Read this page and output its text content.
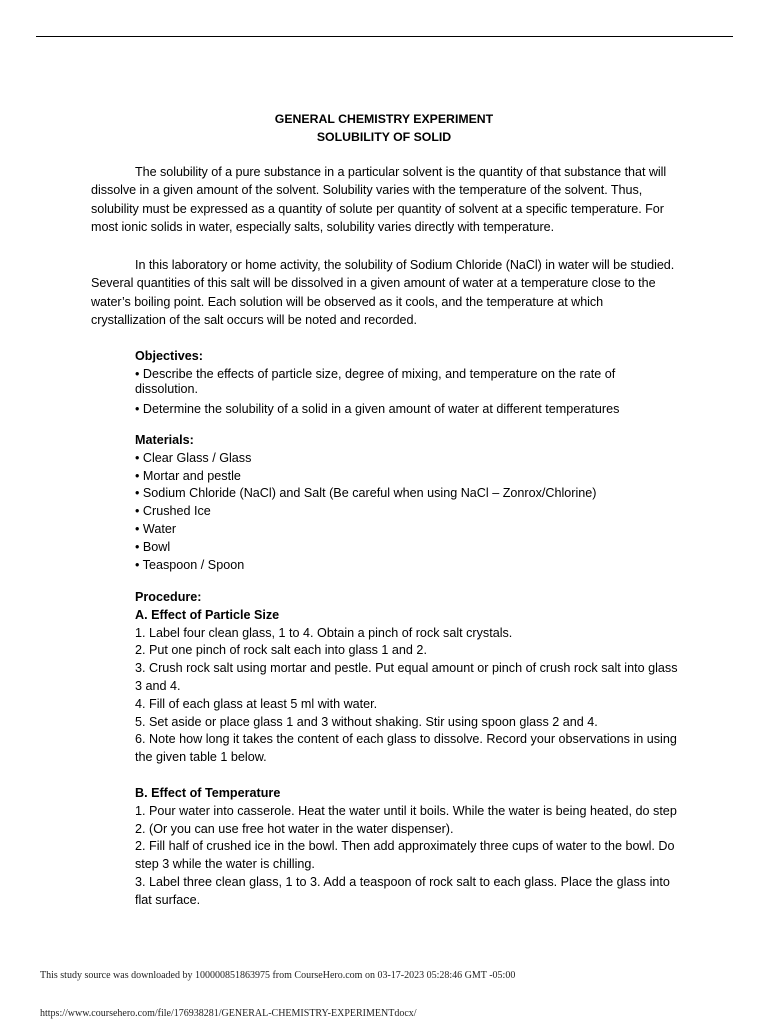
GENERAL CHEMISTRY EXPERIMENT
SOLUBILITY OF SOLID

The solubility of a pure substance in a particular solvent is the quantity of that substance that will dissolve in a given amount of the solvent. Solubility varies with the temperature of the solvent. Thus, solubility must be expressed as a quantity of solute per quantity of solvent at a specific temperature. For most ionic solids in water, especially salts, solubility varies directly with temperature.

In this laboratory or home activity, the solubility of Sodium Chloride (NaCl) in water will be studied. Several quantities of this salt will be dissolved in a given amount of water at a temperature close to the water’s boiling point. Each solution will be observed as it cools, and the temperature at which crystallization of the salt occurs will be noted and recorded.

Objectives:
• Describe the effects of particle size, degree of mixing, and temperature on the rate of dissolution.
• Determine the solubility of a solid in a given amount of water at different temperatures
Materials:
• Clear Glass / Glass
• Mortar and pestle
• Sodium Chloride (NaCl) and Salt (Be careful when using NaCl – Zonrox/Chlorine)
• Crushed Ice
• Water
• Bowl
• Teaspoon / Spoon
Procedure:
A. Effect of Particle Size
1. Label four clean glass, 1 to 4. Obtain a pinch of rock salt crystals.
2. Put one pinch of rock salt each into glass 1 and 2.
3. Crush rock salt using mortar and pestle. Put equal amount or pinch of crush rock salt into glass 3 and 4.
4. Fill of each glass at least 5 ml with water.
5. Set aside or place glass 1 and 3 without shaking. Stir using spoon glass 2 and 4.
6. Note how long it takes the content of each glass to dissolve. Record your observations in using the given table 1 below.
B. Effect of Temperature
1. Pour water into casserole. Heat the water until it boils. While the water is being heated, do step 2. (Or you can use free hot water in the water dispenser).
2. Fill half of crushed ice in the bowl. Then add approximately three cups of water to the bowl. Do step 3 while the water is chilling.
3. Label three clean glass, 1 to 3. Add a teaspoon of rock salt to each glass. Place the glass into flat surface.
This study source was downloaded by 100000851863975 from CourseHero.com on 03-17-2023 05:28:46 GMT -05:00
https://www.coursehero.com/file/176938281/GENERAL-CHEMISTRY-EXPERIMENTdocx/
